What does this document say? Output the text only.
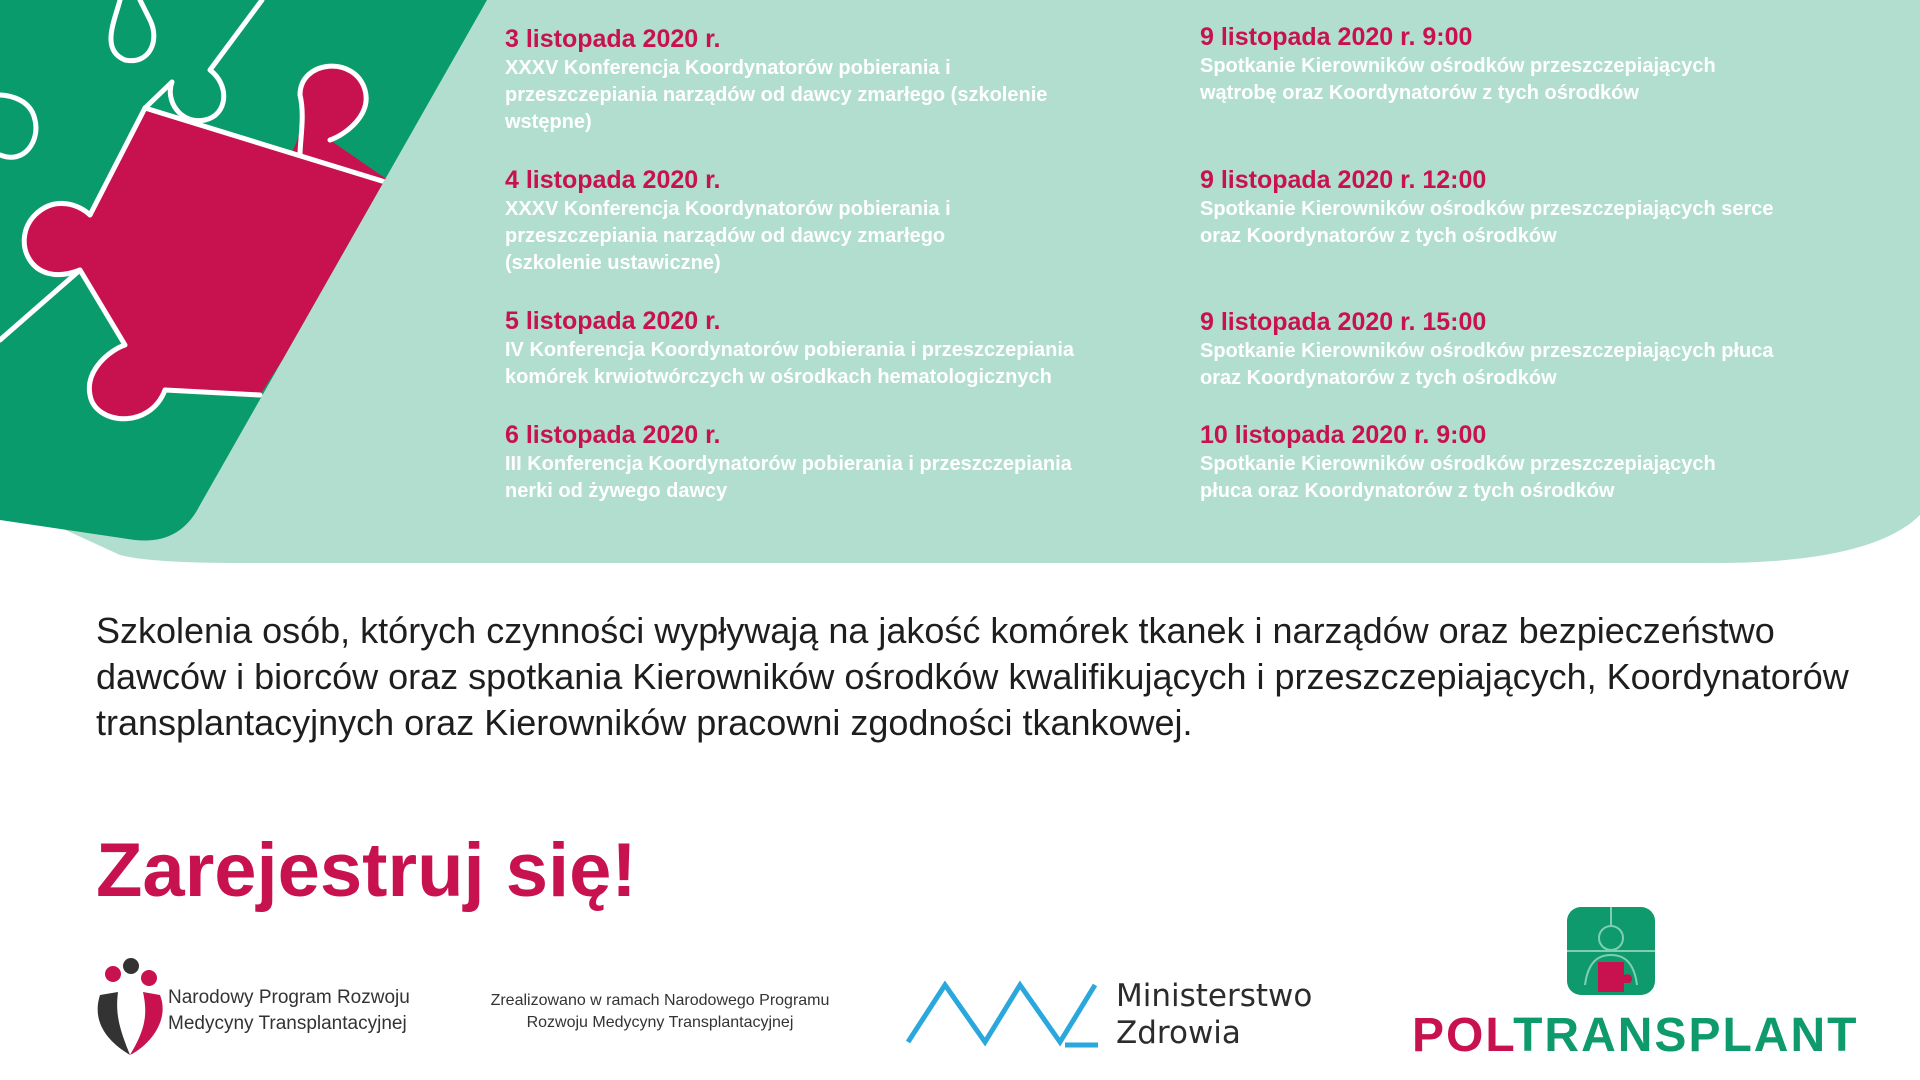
3 listopada 2020 r.
XXXV Konferencja Koordynatorów pobierania i
przeszczepiania narządów od dawcy zmarłego (szkolenie
wstępne)
4 listopada 2020 r.
XXXV Konferencja Koordynatorów pobierania i
przeszczepiania narządów od dawcy zmarłego
(szkolenie ustawiczne)
5 listopada 2020 r.
IV Konferencja Koordynatorów pobierania i przeszczepiania
komórek krwiotwórczych w ośrodkach hematologicznych
6 listopada 2020 r.
III Konferencja Koordynatorów pobierania i przeszczepiania
nerki od żywego dawcy
9 listopada 2020 r. 9:00
Spotkanie Kierowników ośrodków przeszczepiających
wątrobę oraz Koordynatorów z tych ośrodków
9 listopada 2020 r. 12:00
Spotkanie Kierowników ośrodków przeszczepiających serce
oraz Koordynatorów z tych ośrodków
9 listopada 2020 r. 15:00
Spotkanie Kierowników ośrodków przeszczepiających płuca
oraz Koordynatorów z tych ośrodków
10 listopada 2020 r. 9:00
Spotkanie Kierowników ośrodków przeszczepiających
płuca oraz Koordynatorów z tych ośrodków

Szkolenia osób, których czynności wypływają na jakość komórek tkanek i narządów oraz bezpieczeństwo dawców i biorców oraz spotkania Kierowników ośrodków kwalifikujących i przeszczepiających, Koordynatorów transplantacyjnych oraz Kierowników pracowni zgodności tkankowej.

Zarejestruj się!
Narodowy Program Rozwoju
Medycyny Transplantacyjnej
Zrealizowano w ramach Narodowego Programu
Rozwoju Medycyny Transplantacyjnej
Ministerstwo
Zdrowia	POLTRANSPLANT
